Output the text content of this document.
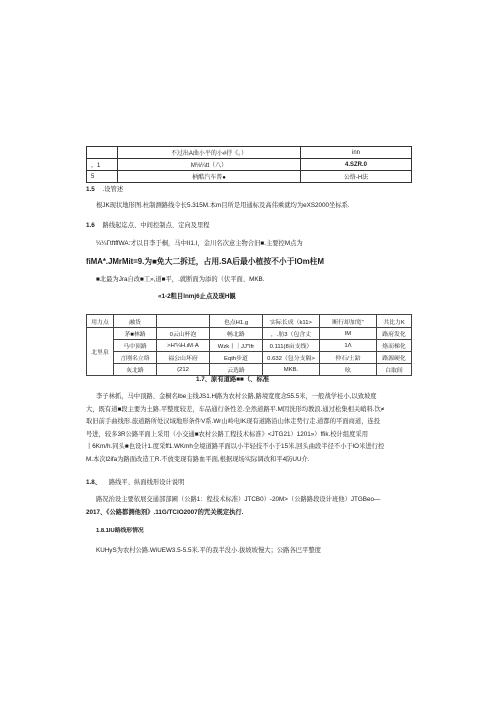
	不过出A曲小平的小#抒《。）	inn
，1	M⅛¼tt（八）	4.SZR.0
5	柄酷汽车普●	公络-H法
1.5 .设管述
根JK现状地形图.杜制测路线令长5.315M.本m目所是用通标及高伟乘就均为eXS2000坐标系.
1.6 路线起迄点、中间控制点、定向及里程
¼¼ΓtftffWA:才以目李于桐，马中II1.I，金川名次意主物合旧■.主要控M点为
fiMA*.JMrMit=9.为■免大二拆迁，占用.SA后最小植按不小于lOm柱M
■北最为Jra自改■工»,道■平，.就断面为添的（伏平面、MKB.
«1-2粗目lnmj6止点及现H観
用力点	融货		也点H1.g	实际长成（k11>	断行却加宽“	共比力K
北里泉	茅■林路	0云山杯泡	畅北路	，.肪3（包含丈	lM	路府发化
	马中顶路	>H'¼Η.ιΜ·Α	Wzk丨｜JJ"Ifr	0.111(8亩支线）	1Λ	烙而梯化
	言刚名立络	福公山坏府	Eqth步道	0.632（包分支隔>	仲石/土踣	路源硬化
	灰北路	(212	云选路	MKB.	吆	白取间
1.7、原有道路■■（、标准
李子林抓，马中顶路、金桐名lbe主线JS1.H路为农村公路,路境宽度念55.5米，一般战学桂小,以致坡度
大，既有道■段主要为土路.平整度较差，车品通行条性差.全然道路平.M因洗形均教浪.通过松集相关峭料.饮≠
取旧前手曲线形.旅道路所处汉域地形条件V系.Wr山岭电IK现有道路沿山体走势行走.道都的平面商道，连投
号进，较多3R公路平面上采用（小交通■农村公路工程技术标准》<JTG21）1201»）ffik.校计组度采用
丨6Km/h.同头■也设计1.度采ff1.WKmh全境道路平面以小半轻技不小于15米,回头曲段半径不小于lO米进行控
M.本次l2ifa为路面改造工R.不放变现有路血平面,根据现场实际调改和平4防UU介.
1.8、 路线平、纵面线形设计说明
路况治设主要依展交通部部圃（公路1：程技术标准）JTCB0）-20M>（公路路段设计班他）JTGBeo—
2017、《公路都测他剂》.11G/TCIO2007的咒关规定执行.
1.8.1IU路线形情况
KUHyS为农村公路.WiUEW3.5-5.5米.平的我半没小.拔坡坡慢大；公路各巴平整度
